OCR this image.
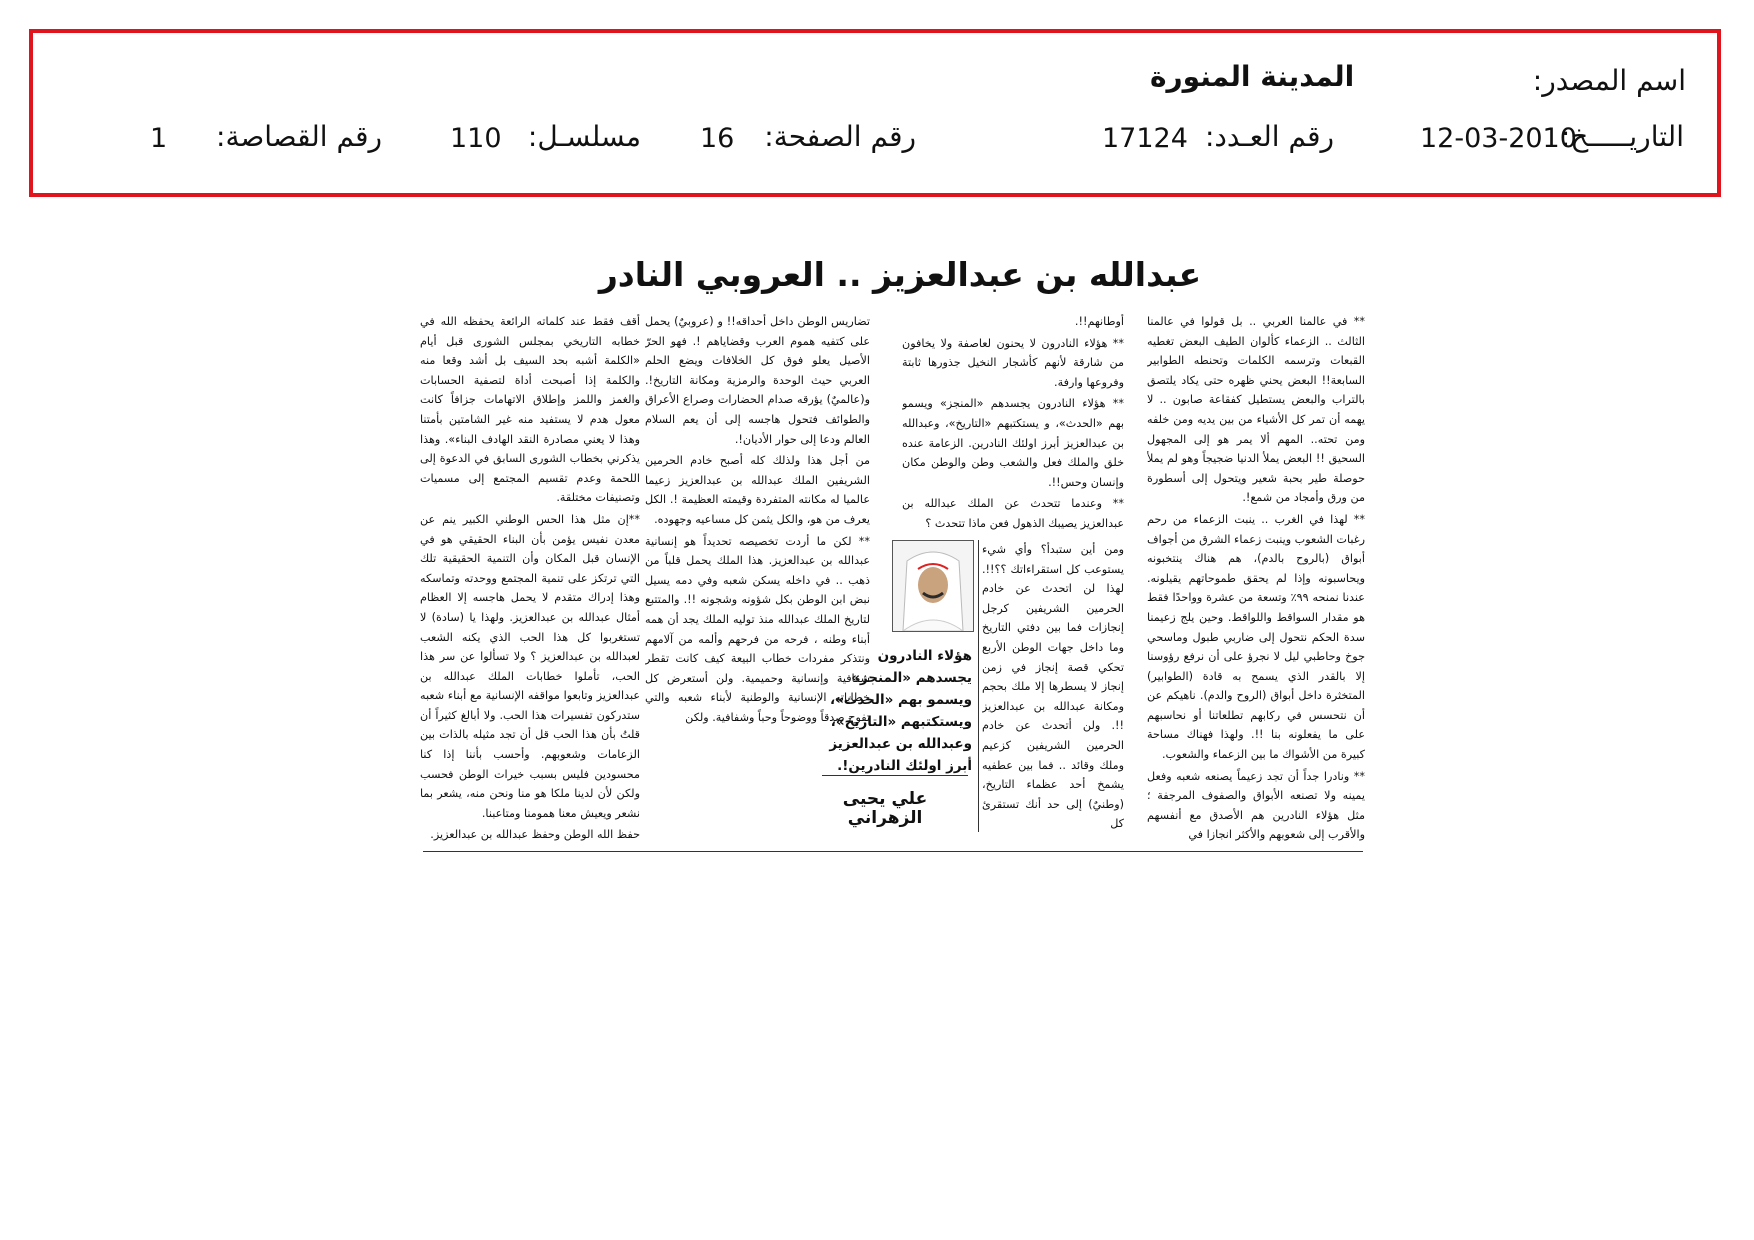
اسم المصدر:
المدينة المنورة
التاريـــــخ:
12-03-2010
رقم العـدد:
17124
رقم الصفحة:
16
مسلسـل:
110
رقم القصاصة:
1
عبدالله بن عبدالعزيز .. العروبي النادر

** في عالمنا العربي .. بل قولوا في عالمنا الثالث .. الزعماء كألوان الطيف البعض تغطيه القبعات وترسمه الكلمات وتحنطه الطوابير السابعة!! البعض يحني ظهره حتى يكاد يلتصق بالتراب والبعض يستطيل كفقاعة صابون .. لا يهمه أن تمر كل الأشياء من بين يديه ومن خلفه ومن تحته.. المهم ألا يمر هو إلى المجهول السحيق !! البعض يملأ الدنيا ضجيجاً وهو لم يملأ حوصلة طير بحبة شعير ويتحول إلى أسطورة من ورق وأمجاد من شمع!.

** لهذا في الغرب .. ينبت الزعماء من رحم رغبات الشعوب وينبت زعماء الشرق من أجواف أبواق (بالروح بالدم)، هم هناك ينتخبونه ويحاسبونه وإذا لم يحقق طموحاتهم يقيلونه. عندنا نمنحه ٩٩٪ وتسعة من عشرة وواحدًا فقط هو مقدار السواقط واللواقط. وحين يلج زعيمنا سدة الحكم نتحول إلى ضاربي طبول وماسحي جوخ وحاطبي ليل لا نجرؤ على أن نرفع رؤوسنا إلا بالقدر الذي يسمح به قادة (الطوابير) المتخثرة داخل أبواق (الروح والدم). ناهيكم عن أن نتحسس في ركابهم تطلعاتنا أو نحاسبهم على ما يفعلونه بنا !!. ولهذا فهناك مساحة كبيرة من الأشواك ما بين الزعماء والشعوب.

** ونادرا جداً أن تجد زعيماً يصنعه شعبه وفعل يمينه ولا تصنعه الأبواق والصفوف المرجفة ؛ مثل هؤلاء النادرين هم الأصدق مع أنفسهم والأقرب إلى شعوبهم والأكثر انجازا في

أوطانهم!!.

** هؤلاء النادرون لا يحنون لعاصفة ولا يخافون من شارقة لأنهم كأشجار النخيل جذورها ثابتة وفروعها وارفة.

** هؤلاء النادرون يجسدهم «المنجز» ويسمو بهم «الحدث»، و يستكتبهم «التاريخ»، وعبدالله بن عبدالعزيز أبرز اولئك النادرين. الزعامة عنده خلق والملك فعل والشعب وطن والوطن مكان وإنسان وحس!!.

** وعندما تتحدث عن الملك عبدالله بن عبدالعزيز يصيبك الذهول فعن ماذا تتحدث ؟

ومن أين ستبدأ؟ وأي شيء يستوعب كل استقراءاتك ؟؟!!. لهذا لن اتحدث عن خادم الحرمين الشريفين كرجل إنجازات فما بين دفتي التاريخ وما داخل جهات الوطن الأربع تحكي قصة إنجاز في زمن إنجاز لا يسطرها إلا ملك بحجم ومكانة عبدالله بن عبدالعزيز !!. ولن أتحدث عن خادم الحرمين الشريفين كزعيم وملك وقائد .. فما بين عطفيه يشمخ أحد عظماء التاريخ، (وطنيٌ) إلى حد أنك تستقرئ كل

هؤلاء النادرون يجسدهم «المنجز» ويسمو بهم «الحدث»، ويستكتبهم «التاريخ»، وعبدالله بن عبدالعزيز أبرز اولئك النادرين!.
علي يحيى الزهراني

تضاريس الوطن داخل أحداقه!! و (عروبيٌ) يحمل على كتفيه هموم العرب وقضاياهم !. فهو الحرّ الأصيل يعلو فوق كل الخلافات ويضع الحلم العربي حيث الوحدة والرمزية ومكانة التاريخ!. و(عالميٌ) يؤرقه صدام الحضارات وصراع الأعراق والطوائف فتحول هاجسه إلى أن يعم السلام العالم ودعا إلى حوار الأديان!.

من أجل هذا ولذلك كله أصبح خادم الحرمين الشريفين الملك عبدالله بن عبدالعزيز زعيما عالميا له مكانته المتفردة وقيمته العظيمة !. الكل يعرف من هو، والكل يثمن كل مساعيه وجهوده.

** لكن ما أردت تخصيصه تحديداً هو إنسانية عبدالله بن عبدالعزيز. هذا الملك يحمل قلباً من ذهب .. في داخله يسكن شعبه وفي دمه يسيل نبض ابن الوطن بكل شؤونه وشجونه !!. والمتتبع لتاريخ الملك عبدالله منذ توليه الملك يجد أن همه أبناء وطنه ، فرحه من فرحهم وألمه من آلامهم ونتذكر مفردات خطاب البيعة كيف كانت تقطر شفافية وإنسانية وحميمية. ولن أستعرض كل خطاباته الإنسانية والوطنية لأبناء شعبه والتي تفوح صدقاً ووضوحاً وحباً وشفافية. ولكن

أقف فقط عند كلماته الرائعة يحفظه الله في خطابه التاريخي بمجلس الشورى قبل أيام «الكلمة أشبه بحد السيف بل أشد وقعا منه والكلمة إذا أصبحت أداة لتصفية الحسابات والغمز واللمز وإطلاق الاتهامات جزافاً كانت معول هدم لا يستفيد منه غير الشامتين بأمتنا وهذا لا يعني مصادرة النقد الهادف البناء». وهذا يذكرني بخطاب الشورى السابق في الدعوة إلى اللحمة وعدم تقسيم المجتمع إلى مسميات وتصنيفات مختلقة.

**إن مثل هذا الحس الوطني الكبير ينم عن معدن نفيس يؤمن بأن البناء الحقيقي هو في الإنسان قبل المكان وأن التنمية الحقيقية تلك التي ترتكز على تنمية المجتمع ووحدته وتماسكه وهذا إدراك متقدم لا يحمل هاجسه إلا العظام أمثال عبدالله بن عبدالعزيز. ولهذا يا (سادة) لا تستغربوا كل هذا الحب الذي يكنه الشعب لعبدالله بن عبدالعزيز ؟ ولا تسألوا عن سر هذا الحب، تأملوا خطابات الملك عبدالله بن عبدالعزيز وتابعوا مواقفه الإنسانية مع أبناء شعبه ستدركون تفسيرات هذا الحب. ولا أبالغ كثيراً أن قلتُ بأن هذا الحب قل أن تجد مثيله بالذات بين الزعامات وشعوبهم. وأحسب بأننا إذا كنا محسودين فليس بسبب خيرات الوطن فحسب ولكن لأن لدينا ملكا هو منا ونحن منه، يشعر بما نشعر ويعيش معنا همومنا ومتاعبنا.

حفظ الله الوطن وحفظ عبدالله بن عبدالعزيز.
